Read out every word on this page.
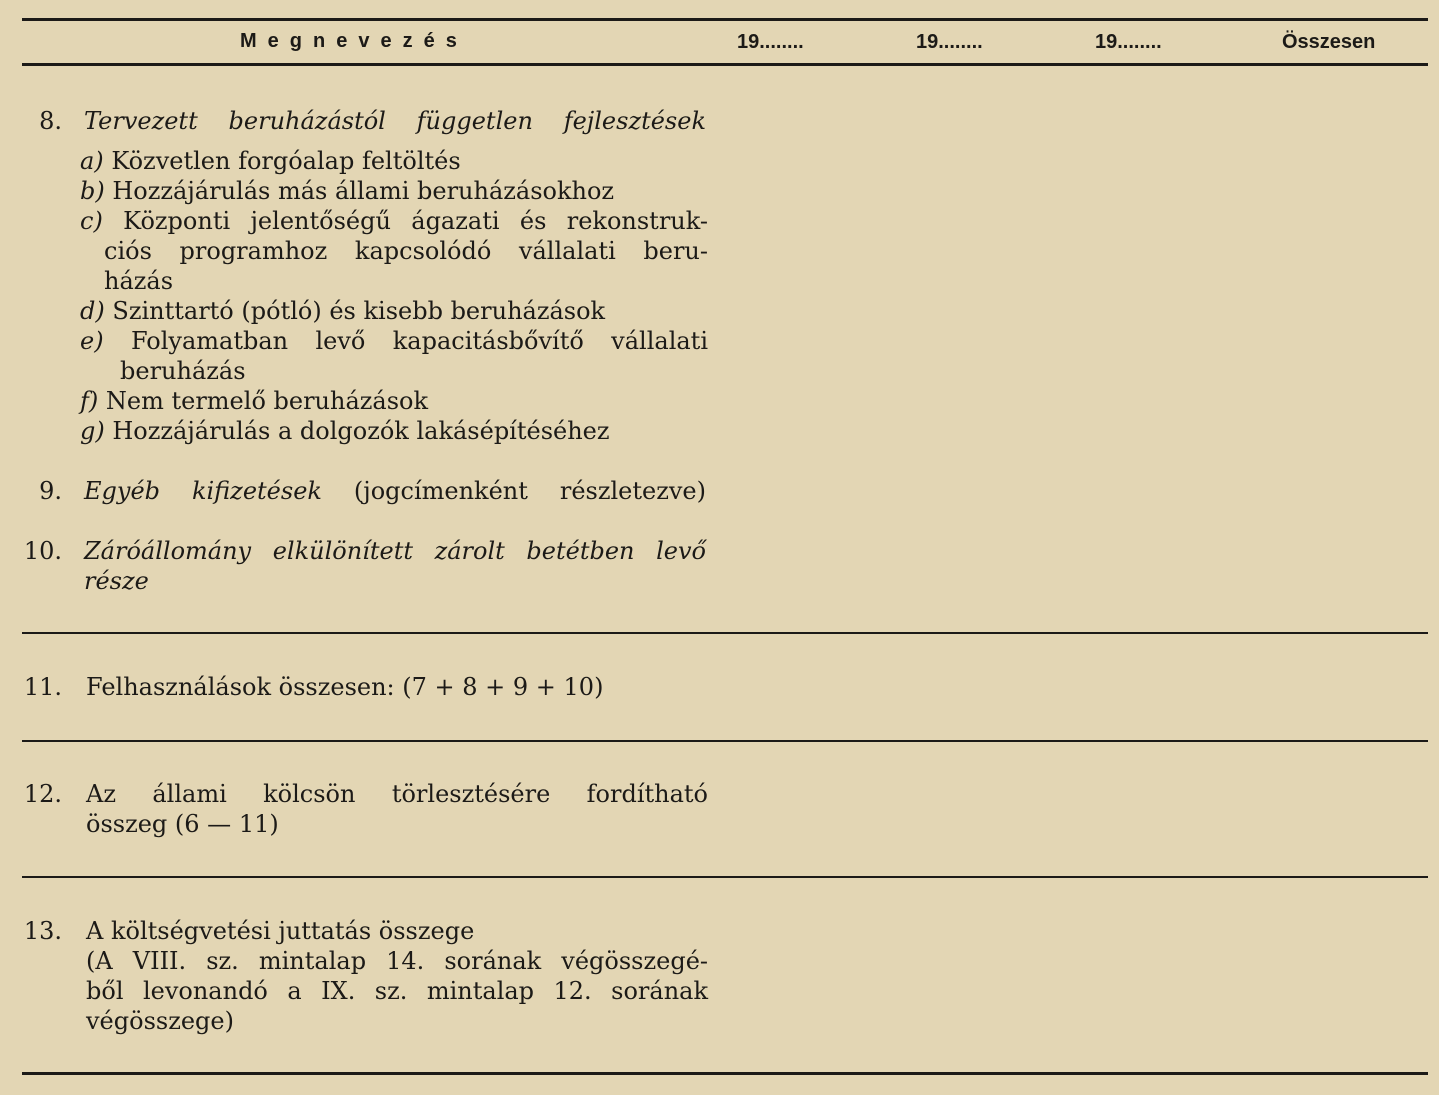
Megnevezés	19........	19........	19........	Összesen
8. Tervezett beruházástól független fejlesztések
a) Közvetlen forgóalap feltöltés
b) Hozzájárulás más állami beruházásokhoz
c) Központi jelentőségű ágazati és rekonstruk-
ciós programhoz kapcsolódó vállalati beru-
házás
d) Szinttartó (pótló) és kisebb beruházások
e) Folyamatban levő kapacitásbővítő vállalati
beruházás
f) Nem termelő beruházások
g) Hozzájárulás a dolgozók lakásépítéséhez
9. Egyéb kifizetések (jogcímenként részletezve)
10. Záróállomány elkülönített zárolt betétben levő
része
11. Felhasználások összesen: (7 + 8 + 9 + 10)
12. Az állami kölcsön törlesztésére fordítható
összeg (6 — 11)
13. A költségvetési juttatás összege
(A VIII. sz. mintalap 14. sorának végösszegé-
ből levonandó a IX. sz. mintalap 12. sorának
végösszege)
